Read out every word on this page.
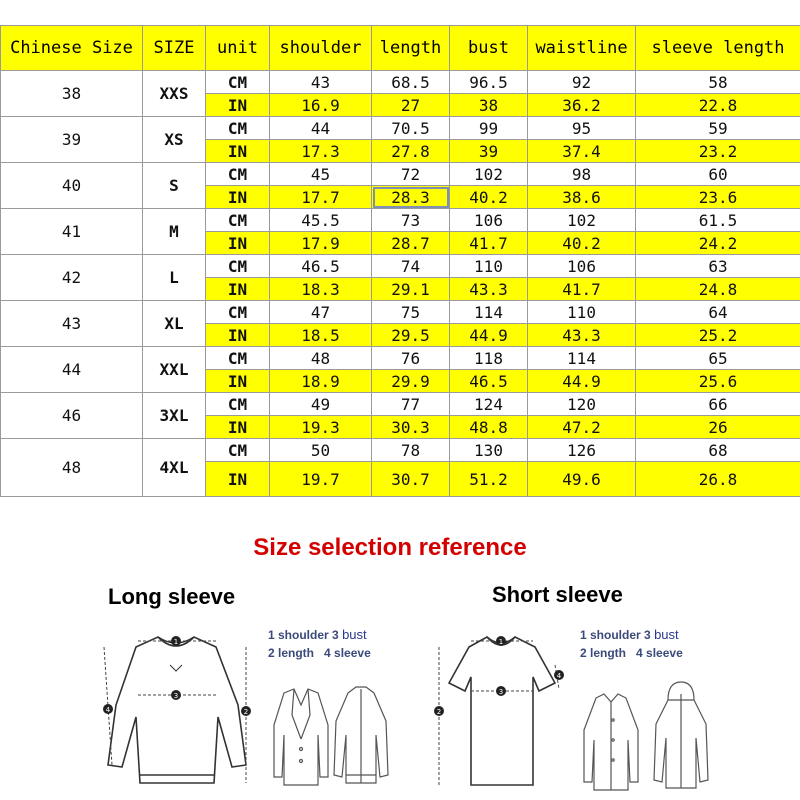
Chinese Size	SIZE	unit	shoulder	length	bust	waistline	sleeve length
38	XXS	CM	43	68.5	96.5	92	58
		IN	16.9	27	38	36.2	22.8
39	XS	CM	44	70.5	99	95	59
		IN	17.3	27.8	39	37.4	23.2
40	S	CM	45	72	102	98	60
		IN	17.7	28.3	40.2	38.6	23.6
41	M	CM	45.5	73	106	102	61.5
		IN	17.9	28.7	41.7	40.2	24.2
42	L	CM	46.5	74	110	106	63
		IN	18.3	29.1	43.3	41.7	24.8
43	XL	CM	47	75	114	110	64
		IN	18.5	29.5	44.9	43.3	25.2
44	XXL	CM	48	76	118	114	65
		IN	18.9	29.9	46.5	44.9	25.6
46	3XL	CM	49	77	124	120	66
		IN	19.3	30.3	48.8	47.2	26
48	4XL	CM	50	78	130	126	68
		IN	19.7	30.7	51.2	49.6	26.8
Size selection reference
Long sleeve	Short sleeve
1
3
2
4
1 shoulder 3 bust
2 length 4 sleeve
1
3
2
4
1 shoulder 3 bust
2 length 4 sleeve
